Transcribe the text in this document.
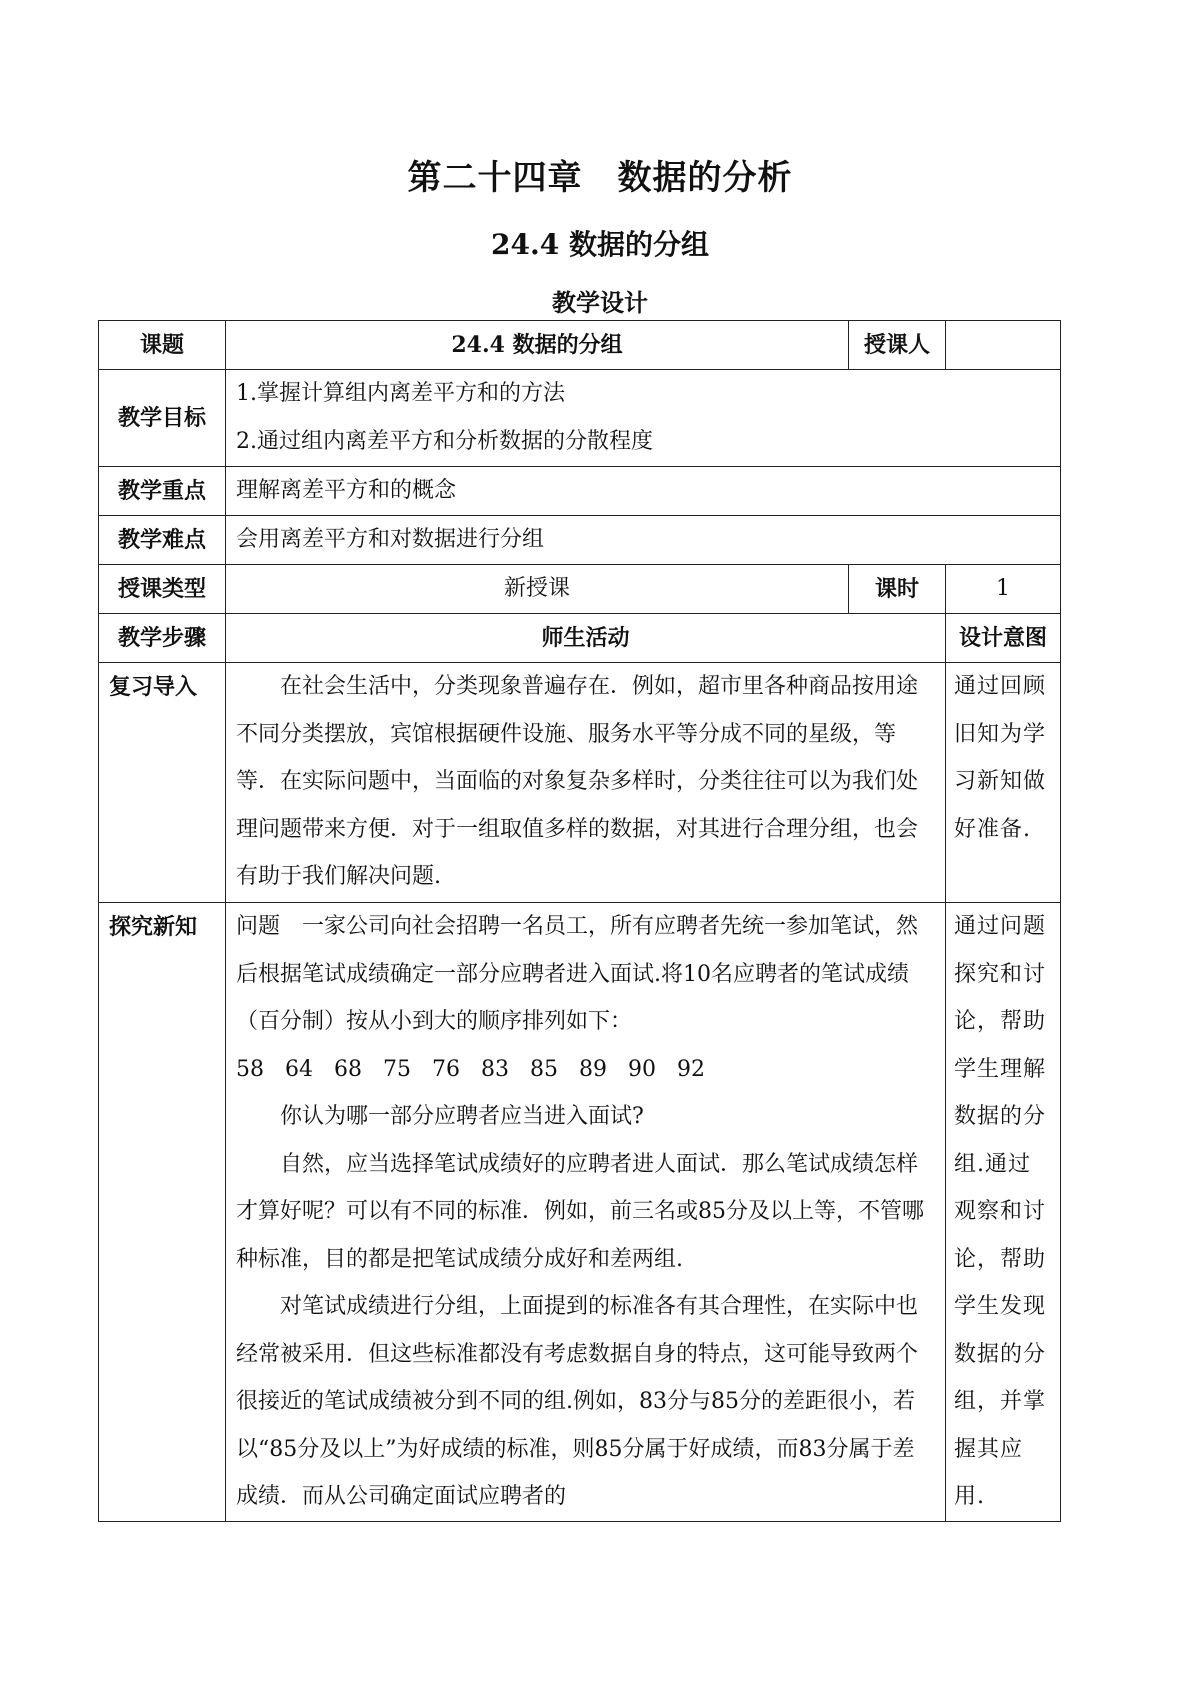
第二十四章　数据的分析
24.4 数据的分组
教学设计
课题	24.4 数据的分组	授课人	
教学目标	1.掌握计算组内离差平方和的方法
2.通过组内离差平方和分析数据的分散程度		

教学重点	理解离差平方和的概念		
教学难点	会用离差平方和对数据进行分组		
授课类型	新授课	课时	1
教学步骤	师生活动		设计意图
复习导入	在社会生活中，分类现象普遍存在．例如，超市里各种商品按用途不同分类摆放，宾馆根据硬件设施、服务水平等分成不同的星级，等等．在实际问题中，当面临的对象复杂多样时，分类往往可以为我们处理问题带来方便．对于一组取值多样的数据，对其进行合理分组，也会有助于我们解决问题.		通过回顾旧知为学习新知做好准备.

探究新知	问题　一家公司向社会招聘一名员工，所有应聘者先统一参加笔试，然后根据笔试成绩确定一部分应聘者进入面试.将10名应聘者的笔试成绩（百分制）按从小到大的顺序排列如下：

58 64 68 75 76 83 85 89 90 92

你认为哪一部分应聘者应当进入面试?

自然，应当选择笔试成绩好的应聘者进人面试．那么笔试成绩怎样才算好呢？可以有不同的标准．例如，前三名或85分及以上等，不管哪种标准，目的都是把笔试成绩分成好和差两组.

对笔试成绩进行分组，上面提到的标准各有其合理性，在实际中也经常被采用．但这些标准都没有考虑数据自身的特点，这可能导致两个很接近的笔试成绩被分到不同的组.例如，83分与85分的差距很小，若以“85分及以上”为好成绩的标准，则85分属于好成绩，而83分属于差成绩．而从公司确定面试应聘者的		通过问题探究和讨论，帮助学生理解数据的分组.通过观察和讨论，帮助学生发现数据的分组，并掌握其应用.
